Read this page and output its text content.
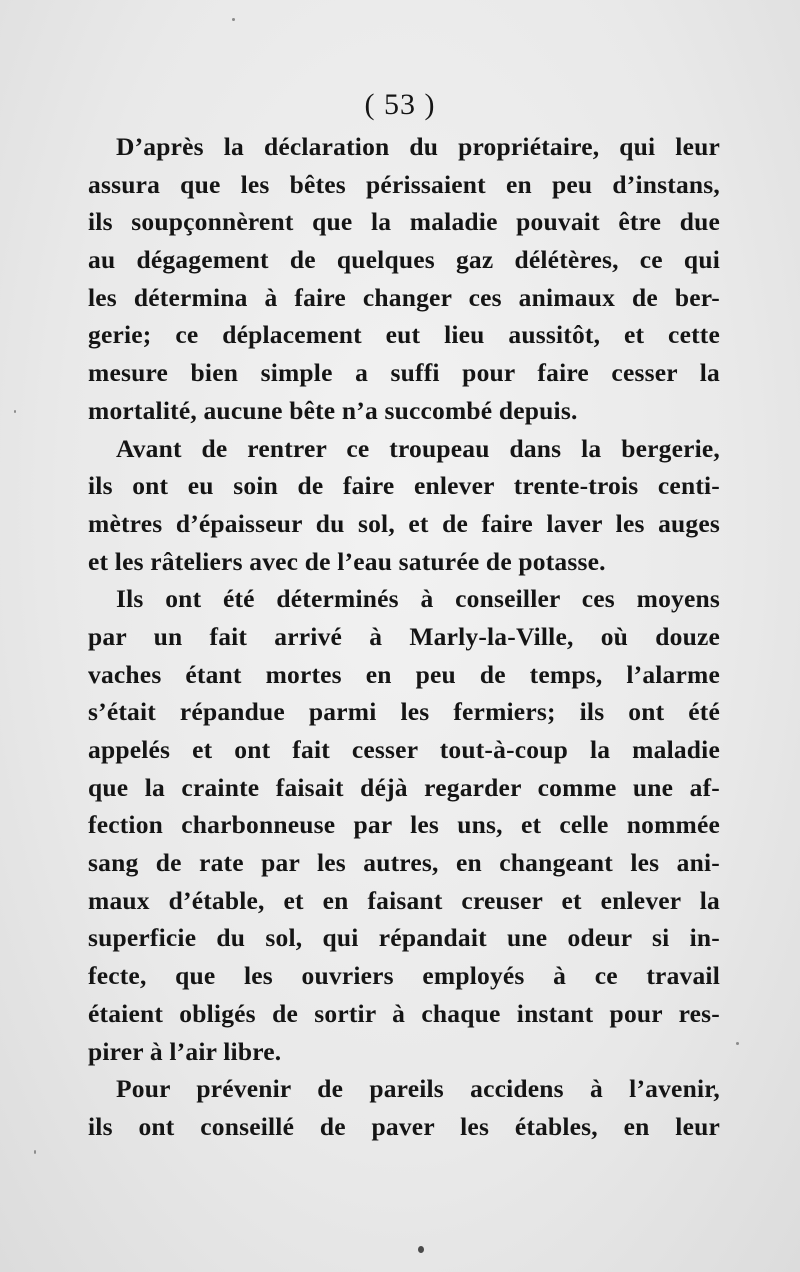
( 53 )
D’après la déclaration du propriétaire, qui leur
assura que les bêtes périssaient en peu d’instans,
ils soupçonnèrent que la maladie pouvait être due
au dégagement de quelques gaz délétères, ce qui
les détermina à faire changer ces animaux de ber-
gerie; ce déplacement eut lieu aussitôt, et cette
mesure bien simple a suffi pour faire cesser la
mortalité, aucune bête n’a succombé depuis.
Avant de rentrer ce troupeau dans la bergerie,
ils ont eu soin de faire enlever trente-trois centi-
mètres d’épaisseur du sol, et de faire laver les auges
et les râteliers avec de l’eau saturée de potasse.
Ils ont été déterminés à conseiller ces moyens
par un fait arrivé à Marly-la-Ville, où douze
vaches étant mortes en peu de temps, l’alarme
s’était répandue parmi les fermiers; ils ont été
appelés et ont fait cesser tout-à-coup la maladie
que la crainte faisait déjà regarder comme une af-
fection charbonneuse par les uns, et celle nommée
sang de rate par les autres, en changeant les ani-
maux d’étable, et en faisant creuser et enlever la
superficie du sol, qui répandait une odeur si in-
fecte, que les ouvriers employés à ce travail
étaient obligés de sortir à chaque instant pour res-
pirer à l’air libre.
Pour prévenir de pareils accidens à l’avenir,
ils ont conseillé de paver les étables, en leur
